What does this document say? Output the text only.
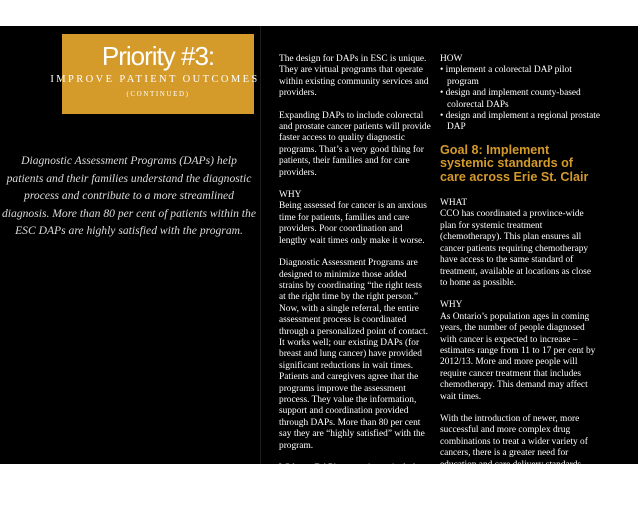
Priority #3:
IMPROVE PATIENT OUTCOMES
(CONTINUED)
Diagnostic Assessment Programs (DAPs) help patients and their families understand the diagnostic process and contribute to a more streamlined diagnosis. More than 80 per cent of patients within the ESC DAPs are highly satisfied with the program.

The design for DAPs in ESC is unique. They are virtual programs that operate within existing community services and providers.

Expanding DAPs to include colorectal and prostate cancer patients will provide faster access to quality diagnostic programs. That’s a very good thing for patients, their families and for care providers.

WHY

Being assessed for cancer is an anxious time for patients, families and care providers. Poor coordination and lengthy wait times only make it worse.

Diagnostic Assessment Programs are designed to minimize those added strains by coordinating “the right tests at the right time by the right person.” Now, with a single referral, the entire assessment process is coordinated through a personalized point of contact. It works well; our existing DAPs (for breast and lung cancer) have provided significant reductions in wait times. Patients and caregivers agree that the programs improve the assessment process. They value the information, support and coordination provided through DAPs. More than 80 per cent say they are “highly satisfied” with the program.

With our DAP’s expansion to include colorectal and prostate cancer, many more patients will now enjoy the benefits of this successful program.

HOW

• implement a colorectal DAP pilot program
• design and implement county-based colorectal DAPs
• design and implement a regional prostate DAP
Goal 8: Implement systemic standards of care across Erie St. Clair

WHAT

CCO has coordinated a province-wide plan for systemic treatment (chemotherapy). This plan ensures all cancer patients requiring chemotherapy have access to the same standard of treatment, available at locations as close to home as possible.

WHY

As Ontario’s population ages in coming years, the number of people diagnosed with cancer is expected to increase – estimates range from 11 to 17 per cent by 2012/13. More and more people will require cancer treatment that includes chemotherapy. This demand may affect wait times.

With the introduction of newer, more successful and more complex drug combinations to treat a wider variety of cancers, there is a greater need for education and care delivery standards.
